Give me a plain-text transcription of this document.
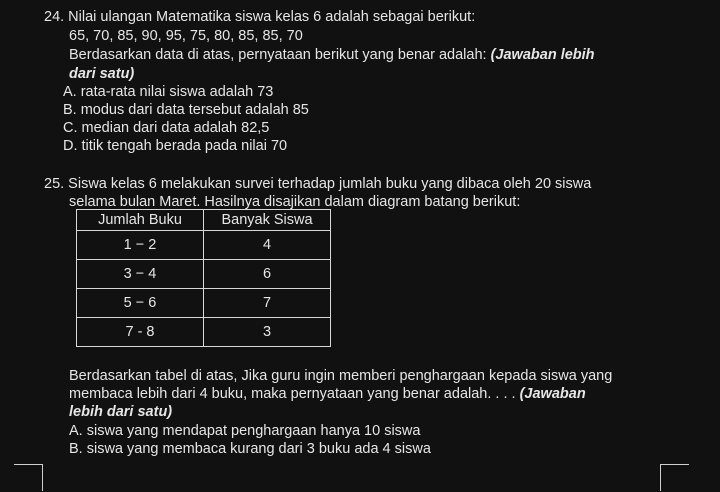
24. Nilai ulangan Matematika siswa kelas 6 adalah sebagai berikut:
65, 70, 85, 90, 95, 75, 80, 85, 85, 70
Berdasarkan data di atas, pernyataan berikut yang benar adalah: (Jawaban lebih
dari satu)
A. rata-rata nilai siswa adalah 73
B. modus dari data tersebut adalah 85
C. median dari data adalah 82,5
D. titik tengah berada pada nilai 70
25. Siswa kelas 6 melakukan survei terhadap jumlah buku yang dibaca oleh 20 siswa
selama bulan Maret. Hasilnya disajikan dalam diagram batang berikut:
Jumlah Buku	Banyak Siswa
1 − 2	4
3 − 4	6
5 − 6	7
7 - 8	3
Berdasarkan tabel di atas, Jika guru ingin memberi penghargaan kepada siswa yang
membaca lebih dari 4 buku, maka pernyataan yang benar adalah. . . . (Jawaban
lebih dari satu)
A. siswa yang mendapat penghargaan hanya 10 siswa
B. siswa yang membaca kurang dari 3 buku ada 4 siswa
